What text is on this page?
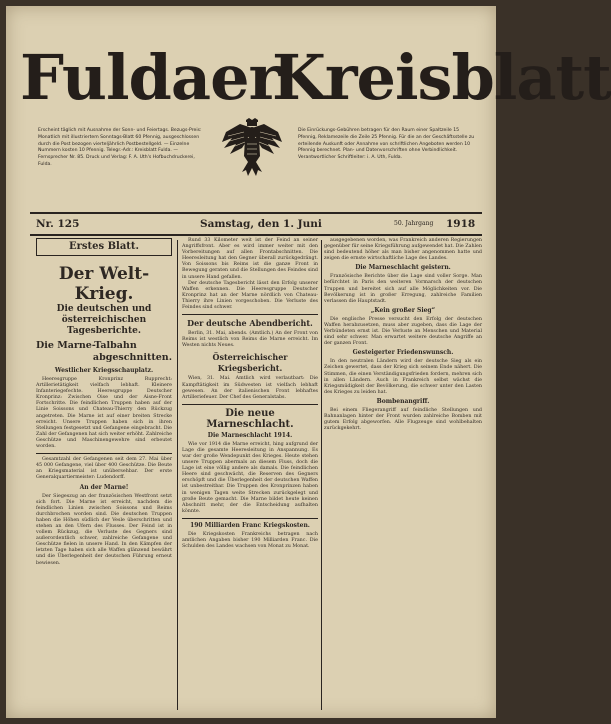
Fuldaer
Kreisblatt
Erscheint täglich mit Ausnahme der Sonn- und Feiertags. Bezugs-Preis: Monatlich mit illustriertem Sonntags-Blatt 60 Pfennig, ausgeschlossen durch die Post bezogen vierteljährlich Postbestellgeld. — Einzelne Nummern kosten 10 Pfennig. Telegr.-Adr.: Kreisblatt Fulda. — Fernsprecher Nr. 85. Druck und Verlag: F. A. Uth's Hofbuchdruckerei, Fulda.
Die Einrückungs-Gebühren betragen für den Raum einer Spaltzeile 15 Pfennig, Reklamezeile die Zeile 25 Pfennig. Für die an der Geschäftsstelle zu erteilende Auskunft oder Annahme von schriftlichen Angeboten werden 10 Pfennig berechnet. Plan- und Datenvorschriften ohne Verbindlichkeit. Verantwortlicher Schriftleiter: i. A. Uth, Fulda.
Nr. 125	Samstag, den 1. Juni	50. Jahrgang 1918
Erstes Blatt.
Der Welt-Krieg.
Die deutschen und österreichischen Tagesberichte.
Die Marne-Talbahn
abgeschnitten.
Westlicher Kriegsschauplatz.

Heeresgruppe Kronprinz Rupprecht: Artillerietätigkeit vielfach lebhaft. Kleinere Infanteriegefechte. Heeresgruppe Deutscher Kronprinz: Zwischen Oise und der Aisne-Front Fortschritte. Die feindlichen Truppen haben auf der Linie Soissons und Chateau-Thierry den Rückzug angetreten. Die Marne ist auf einer breiten Strecke erreicht. Unsere Truppen haben sich in ihren Stellungen festgesetzt und Gefangene eingebracht. Die Zahl der Gefangenen hat sich weiter erhöht. Zahlreiche Geschütze und Maschinengewehre sind erbeutet worden.

Gesamtzahl der Gefangenen seit dem 27. Mai über 45 000 Gefangene, viel über 400 Geschütze. Die Beute an Kriegsmaterial ist unübersehbar. Der erste Generalquartiermeister: Ludendorff.

An der Marne!

Der Siegeszug an der französischen Westfront setzt sich fort. Die Marne ist erreicht, nachdem die feindlichen Linien zwischen Soissons und Reims durchbrochen worden sind. Die deutschen Truppen haben die Höhen südlich der Vesle überschritten und stehen an den Ufern des Flusses. Der Feind ist in vollem Rückzug, die Verluste des Gegners sind außerordentlich schwer, zahlreiche Gefangene und Geschütze fielen in unsere Hand. In den Kämpfen der letzten Tage haben sich alle Waffen glänzend bewährt und die Überlegenheit der deutschen Führung erneut bewiesen.

Rund 33 Kilometer weit ist der Feind an seiner Angriffsfront. Aber es wird immer weiter mit den Vorbereitungen auf allen Frontabschnitten. Die Heeresleitung hat den Gegner überall zurückgedrängt. Von Soissons bis Reims ist die ganze Front in Bewegung geraten und die Stellungen des Feindes sind in unsere Hand gefallen.

Der deutsche Tagesbericht lässt den Erfolg unserer Waffen erkennen. Die Heeresgruppe Deutscher Kronprinz hat an der Marne nördlich von Chateau-Thierry ihre Linien vorgeschoben. Die Verluste des Feindes sind schwer.

Der deutsche Abendbericht.

Berlin, 31. Mai, abends. (Amtlich.) An der Front von Reims ist westlich von Reims die Marne erreicht. Im Westen nichts Neues.

Österreichischer Kriegsbericht.

Wien, 31. Mai. Amtlich wird verlautbart: Die Kampftätigkeit im Südwesten ist vielfach lebhaft gewesen. An der italienischen Front lebhaftes Artilleriefeuer. Der Chef des Generalstabs.

Die neue Marneschlacht.
Die Marneschlacht 1914.

Wie vor 1914 die Marne erreicht, hing aufgrund der Lage die gesamte Heeresleitung in Anspannung. Es war der große Wendepunkt des Krieges. Heute stehen unsere Truppen abermals an diesem Fluss, doch die Lage ist eine völlig andere als damals. Die feindlichen Heere sind geschwächt, die Reserven des Gegners erschöpft und die Überlegenheit der deutschen Waffen ist unbestreitbar. Die Truppen des Kronprinzen haben in wenigen Tagen weite Strecken zurückgelegt und große Beute gemacht. Die Marne bildet heute keinen Abschnitt mehr, der die Entscheidung aufhalten könnte.

190 Milliarden Franc Kriegskosten.

Die Kriegskosten Frankreichs betragen nach amtlichen Angaben bisher 190 Milliarden Franc. Die Schulden des Landes wachsen von Monat zu Monat.

ausgegebenen worden, was Frankreich anderen Regierungen gegenüber für seine Kriegsführung aufgewendet hat. Die Zahlen sind bedeutend höher als man bisher angenommen hatte und zeigen die ernste wirtschaftliche Lage des Landes.

Die Marneschlacht geistern.

Französische Berichte über die Lage sind voller Sorge. Man befürchtet in Paris den weiteren Vormarsch der deutschen Truppen und bereitet sich auf alle Möglichkeiten vor. Die Bevölkerung ist in großer Erregung, zahlreiche Familien verlassen die Hauptstadt.

„Kein großer Sieg“

Die englische Presse versucht den Erfolg der deutschen Waffen herabzusetzen, muss aber zugeben, dass die Lage der Verbündeten ernst ist. Die Verluste an Menschen und Material sind sehr schwer. Man erwartet weitere deutsche Angriffe an der ganzen Front.

Gesteigerter Friedenswunsch.

In den neutralen Ländern wird der deutsche Sieg als ein Zeichen gewertet, dass der Krieg sich seinem Ende nähert. Die Stimmen, die einen Verständigungsfrieden fordern, mehren sich in allen Ländern. Auch in Frankreich selbst wächst die Kriegsmüdigkeit der Bevölkerung, die schwer unter den Lasten des Krieges zu leiden hat.

Bombenangriff.

Bei einem Fliegerangriff auf feindliche Stellungen und Bahnanlagen hinter der Front wurden zahlreiche Bomben mit gutem Erfolg abgeworfen. Alle Flugzeuge sind wohlbehalten zurückgekehrt.
